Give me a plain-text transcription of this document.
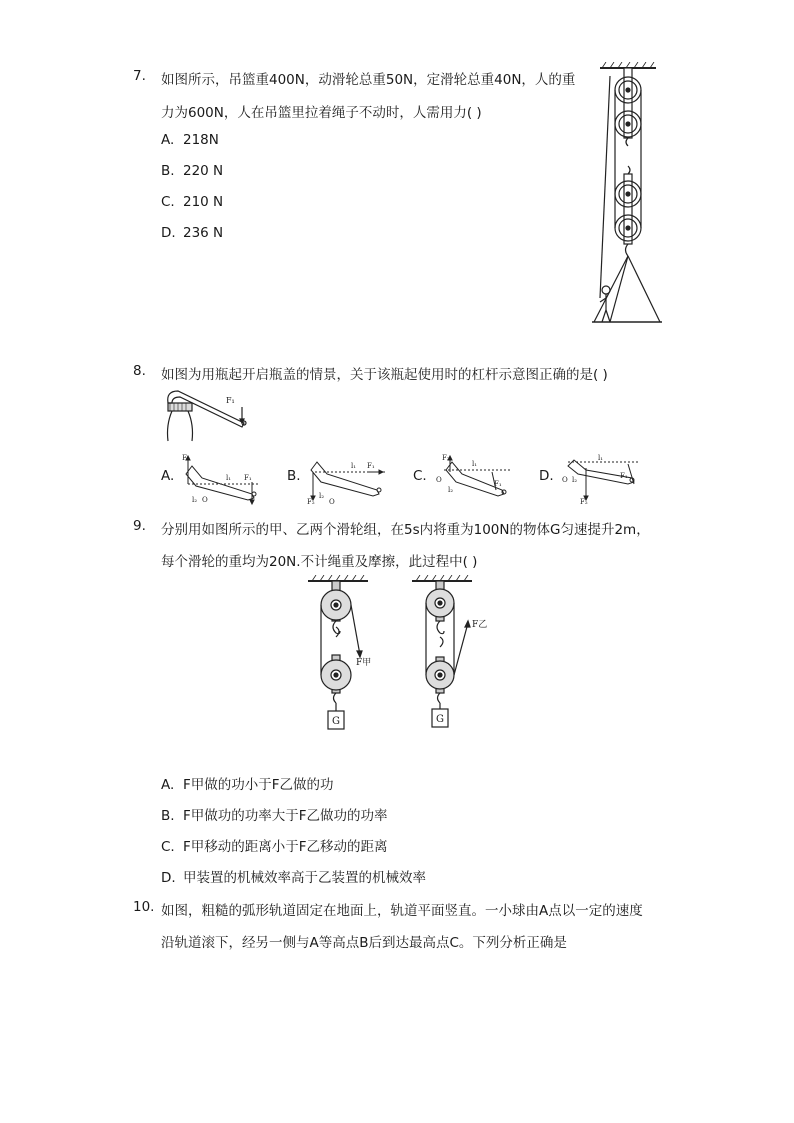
7. 如图所示，吊篮重400N，动滑轮总重50N，定滑轮总重40N，人的重
力为600N，人在吊篮里拉着绳子不动时，人需用力( )
A. 218N
B. 220 N
C. 210 N
D. 236 N
8. 如图为用瓶起开启瓶盖的情景，关于该瓶起使用时的杠杆示意图正确的是( )
F₁
A.
F₂
l₁ F₁
l₂ O
B.
l₁ F₁
F₂
l₂
O
C.
F₂
l₁
O
l₂
F₁	D.
l₁
O l₂	F₁
F₂
9. 分别用如图所示的甲、乙两个滑轮组，在5s内将重为100N的物体G匀速提升2m，
每个滑轮的重均为20N.不计绳重及摩擦，此过程中( )
G
F甲
G
F乙
A. F甲做的功小于F乙做的功
B. F甲做功的功率大于F乙做功的功率
C. F甲移动的距离小于F乙移动的距离
D. 甲装置的机械效率高于乙装置的机械效率
10. 如图，粗糙的弧形轨道固定在地面上，轨道平面竖直。一小球由A点以一定的速度
沿轨道滚下，经另一侧与A等高点B后到达最高点C。下列分析正确是
